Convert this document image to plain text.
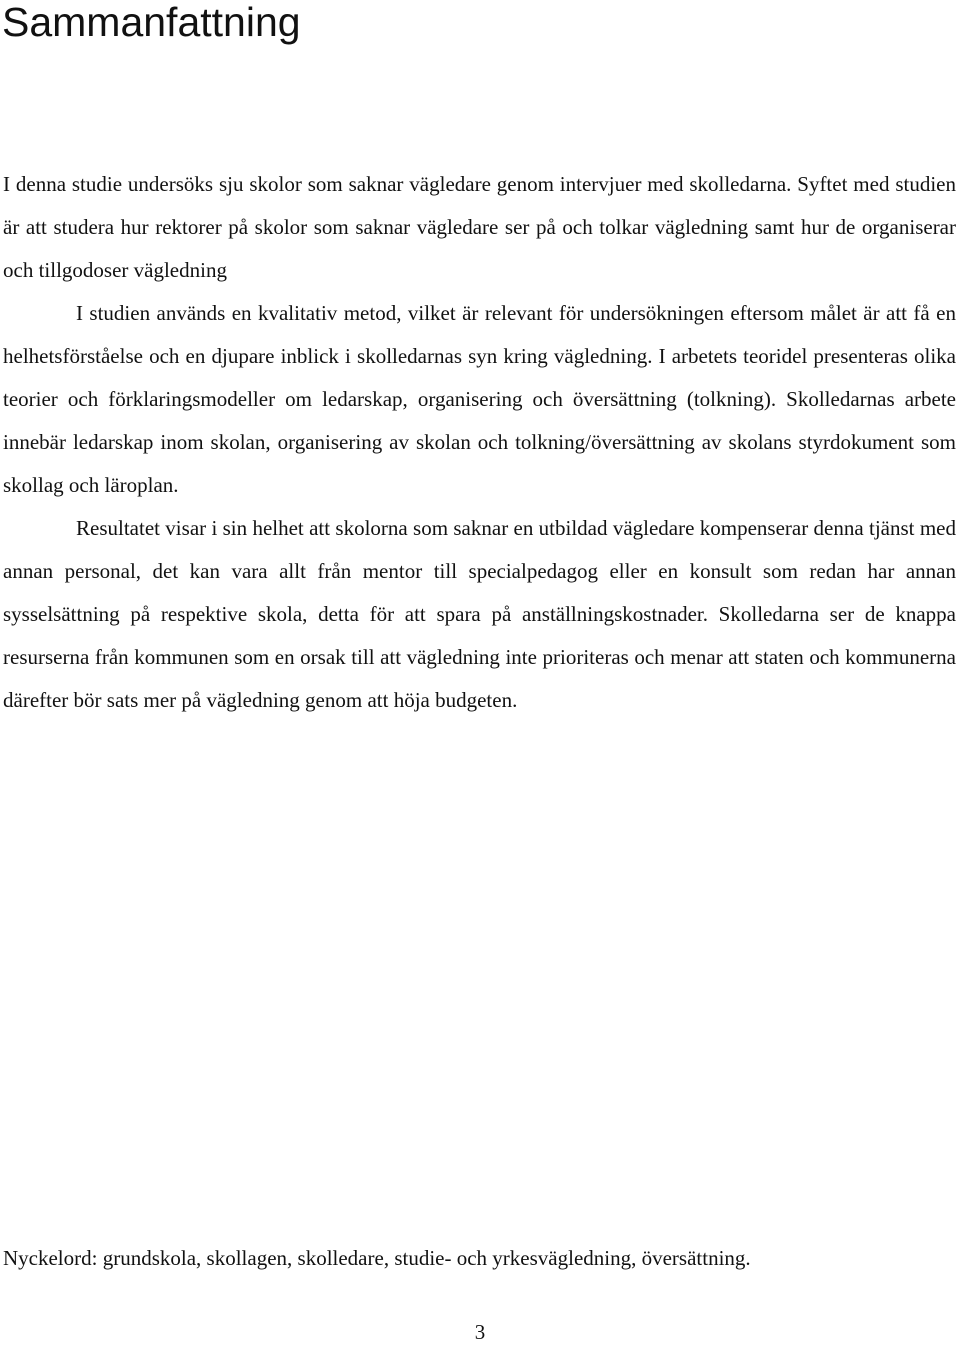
Sammanfattning

I denna studie undersöks sju skolor som saknar vägledare genom intervjuer med skolledarna. Syftet med studien är att studera hur rektorer på skolor som saknar vägledare ser på och tolkar vägledning samt hur de organiserar och tillgodoser vägledning

I studien används en kvalitativ metod, vilket är relevant för undersökningen eftersom målet är att få en helhetsförståelse och en djupare inblick i skolledarnas syn kring vägledning. I arbetets teoridel presenteras olika teorier och förklaringsmodeller om ledarskap, organisering och översättning (tolkning). Skolledarnas arbete innebär ledarskap inom skolan, organisering av skolan och tolkning/översättning av skolans styrdokument som skollag och läroplan.

Resultatet visar i sin helhet att skolorna som saknar en utbildad vägledare kompenserar denna tjänst med annan personal, det kan vara allt från mentor till specialpedagog eller en konsult som redan har annan sysselsättning på respektive skola, detta för att spara på anställningskostnader. Skolledarna ser de knappa resurserna från kommunen som en orsak till att vägledning inte prioriteras och menar att staten och kommunerna därefter bör sats mer på vägledning genom att höja budgeten.

Nyckelord: grundskola, skollagen, skolledare, studie- och yrkesvägledning, översättning.

3
